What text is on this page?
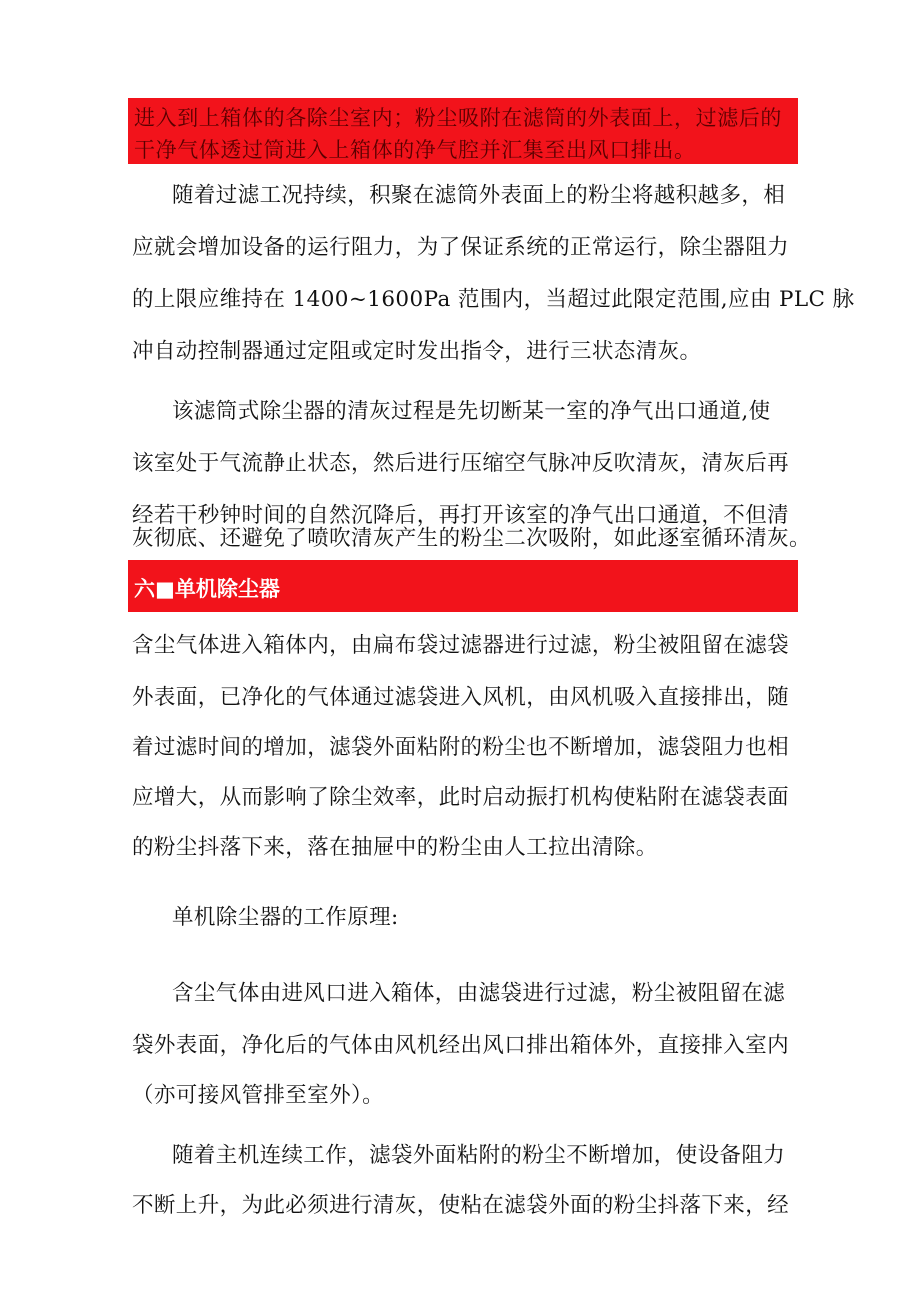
进入到上箱体的各除尘室内；粉尘吸附在滤筒的外表面上，过滤后的
干净气体透过筒进入上箱体的净气腔并汇集至出风口排出。
随着过滤工况持续，积聚在滤筒外表面上的粉尘将越积越多，相
应就会增加设备的运行阻力，为了保证系统的正常运行，除尘器阻力
的上限应维持在 1400~1600Pa 范围内，当超过此限定范围,应由 PLC 脉
冲自动控制器通过定阻或定时发出指令，进行三状态清灰。
该滤筒式除尘器的清灰过程是先切断某一室的净气出口通道,使
该室处于气流静止状态，然后进行压缩空气脉冲反吹清灰，清灰后再
经若干秒钟时间的自然沉降后，再打开该室的净气出口通道，不但清
灰彻底、还避免了喷吹清灰产生的粉尘二次吸附，如此逐室循环清灰。
六■单机除尘器
含尘气体进入箱体内，由扁布袋过滤器进行过滤，粉尘被阻留在滤袋
外表面，已净化的气体通过滤袋进入风机，由风机吸入直接排出，随
着过滤时间的增加，滤袋外面粘附的粉尘也不断增加，滤袋阻力也相
应增大，从而影响了除尘效率，此时启动振打机构使粘附在滤袋表面
的粉尘抖落下来，落在抽屉中的粉尘由人工拉出清除。
单机除尘器的工作原理:
含尘气体由进风口进入箱体，由滤袋进行过滤，粉尘被阻留在滤
袋外表面，净化后的气体由风机经出风口排出箱体外，直接排入室内
（亦可接风管排至室外）。
随着主机连续工作，滤袋外面粘附的粉尘不断增加，使设备阻力
不断上升，为此必须进行清灰，使粘在滤袋外面的粉尘抖落下来，经
